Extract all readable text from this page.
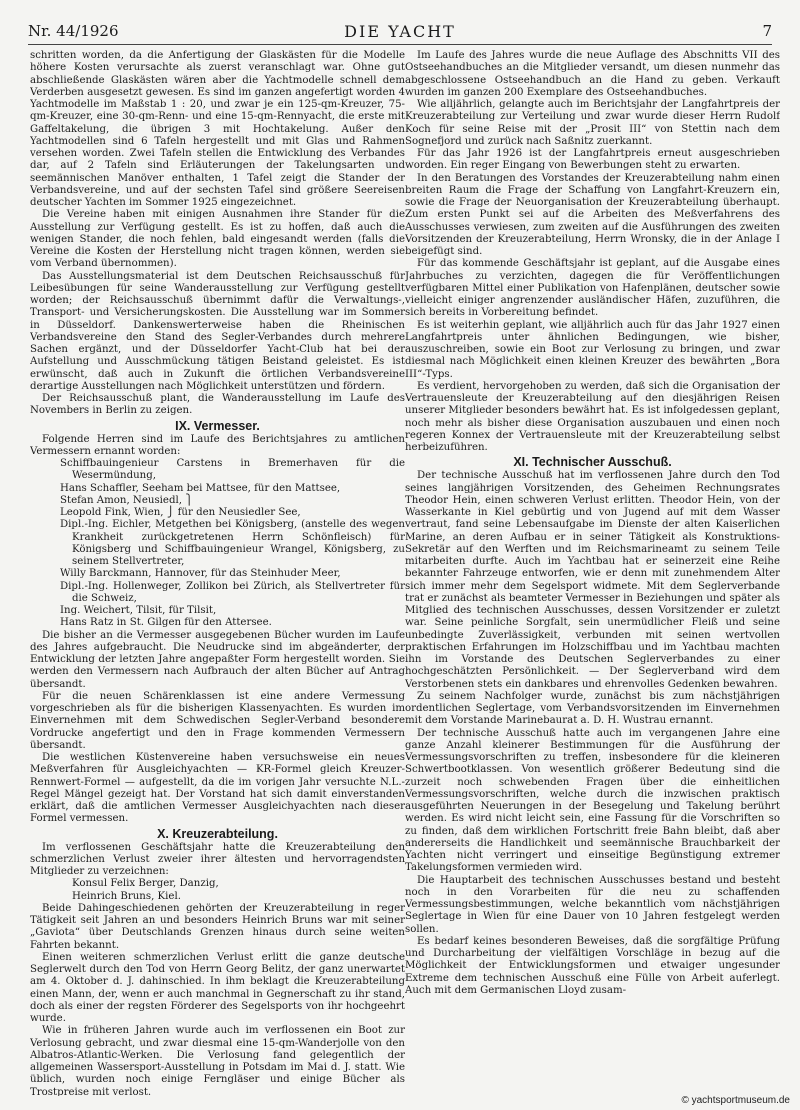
Nr. 44/1926	DIE YACHT	7

schritten worden, da die Anfertigung der Glaskästen für die Modelle höhere Kosten verursachte als zuerst veranschlagt war. Ohne gut abschließende Glaskästen wären aber die Yachtmodelle schnell dem Verderben ausgesetzt gewesen. Es sind im ganzen angefertigt worden 4 Yachtmodelle im Maßstab 1 : 20, und zwar je ein 125-qm-Kreuzer, 75-qm-Kreuzer, eine 30-qm-Renn- und eine 15-qm-Rennyacht, die erste mit Gaffeltakelung, die übrigen 3 mit Hochtakelung. Außer den Yachtmodellen sind 6 Tafeln hergestellt und mit Glas und Rahmen versehen worden. Zwei Tafeln stellen die Entwicklung des Verbandes dar, auf 2 Tafeln sind Erläuterungen der Takelungsarten und seemännischen Manöver enthalten, 1 Tafel zeigt die Stander der Verbandsvereine, und auf der sechsten Tafel sind größere Seereisen deutscher Yachten im Sommer 1925 eingezeichnet.

Die Vereine haben mit einigen Ausnahmen ihre Stander für die Ausstellung zur Verfügung gestellt. Es ist zu hoffen, daß auch die wenigen Stander, die noch fehlen, bald eingesandt werden (falls die Vereine die Kosten der Herstellung nicht tragen können, werden sie vom Verband übernommen).

Das Ausstellungsmaterial ist dem Deutschen Reichsausschuß für Leibesübungen für seine Wanderausstellung zur Verfügung gestellt worden; der Reichsausschuß übernimmt dafür die Verwaltungs-, Transport- und Versicherungskosten. Die Ausstellung war im Sommer in Düsseldorf. Dankenswerterweise haben die Rheinischen Verbandsvereine den Stand des Segler-Verbandes durch mehrere Sachen ergänzt, und der Düsseldorfer Yacht-Club hat bei der Aufstellung und Ausschmückung tätigen Beistand geleistet. Es ist erwünscht, daß auch in Zukunft die örtlichen Verbandsvereine derartige Ausstellungen nach Möglichkeit unterstützen und fördern.

Der Reichsausschuß plant, die Wanderausstellung im Laufe des Novembers in Berlin zu zeigen.

IX. Vermesser.

Folgende Herren sind im Laufe des Berichtsjahres zu amtlichen Vermessern ernannt worden:

Schiffbauingenieur Carstens in Bremerhaven für die Wesermündung,

Hans Schaffler, Seeham bei Mattsee, für den Mattsee,

Stefan Amon, Neusiedl, ⎫

Leopold Fink, Wien, ⎭ für den Neusiedler See,

Dipl.-Ing. Eichler, Metgethen bei Königsberg, (anstelle des wegen Krankheit zurückgetretenen Herrn Schönfleisch) für Königsberg und Schiffbauingenieur Wrangel, Königsberg, zu seinem Stellvertreter,

Willy Barckmann, Hannover, für das Steinhuder Meer,

Dipl.-Ing. Hollenweger, Zollikon bei Zürich, als Stellvertreter für die Schweiz,

Ing. Weichert, Tilsit, für Tilsit,

Hans Ratz in St. Gilgen für den Attersee.

Die bisher an die Vermesser ausgegebenen Bücher wurden im Laufe des Jahres aufgebraucht. Die Neudrucke sind im abgeänderter, der Entwicklung der letzten Jahre angepaßter Form hergestellt worden. Sie werden den Vermessern nach Aufbrauch der alten Bücher auf Antrag übersandt.

Für die neuen Schärenklassen ist eine andere Vermessung vorgeschrieben als für die bisherigen Klassenyachten. Es wurden im Einvernehmen mit dem Schwedischen Segler-Verband besondere Vordrucke angefertigt und den in Frage kommenden Vermessern übersandt.

Die westlichen Küstenvereine haben versuchsweise ein neues Meßverfahren für Ausgleichyachten — KR-Formel gleich Kreuzer-Rennwert-Formel — aufgestellt, da die im vorigen Jahr versuchte N.L.-Regel Mängel gezeigt hat. Der Vorstand hat sich damit einverstanden erklärt, daß die amtlichen Vermesser Ausgleichyachten nach dieser Formel vermessen.

X. Kreuzerabteilung.

Im verflossenen Geschäftsjahr hatte die Kreuzerabteilung den schmerzlichen Verlust zweier ihrer ältesten und hervorragendsten Mitglieder zu verzeichnen:

Konsul Felix Berger, Danzig,

Heinrich Bruns, Kiel.

Beide Dahingeschiedenen gehörten der Kreuzerabteilung in reger Tätigkeit seit Jahren an und besonders Heinrich Bruns war mit seiner „Gaviota“ über Deutschlands Grenzen hinaus durch seine weiten Fahrten bekannt.

Einen weiteren schmerzlichen Verlust erlitt die ganze deutsche Seglerwelt durch den Tod von Herrn Georg Belitz, der ganz unerwartet am 4. Oktober d. J. dahinschied. In ihm beklagt die Kreuzerabteilung einen Mann, der, wenn er auch manchmal in Gegnerschaft zu ihr stand, doch als einer der regsten Förderer des Segelsports von ihr hochgeehrt wurde.

Wie in früheren Jahren wurde auch im verflossenen ein Boot zur Verlosung gebracht, und zwar diesmal eine 15-qm-Wanderjolle von den Albatros-Atlantic-Werken. Die Verlosung fand gelegentlich der allgemeinen Wassersport-Ausstellung in Potsdam im Mai d. J. statt. Wie üblich, wurden noch einige Ferngläser und einige Bücher als Trostpreise mit verlost.

Im Laufe des Jahres wurde die neue Auflage des Abschnitts VII des Ostseehandbuches an die Mitglieder versandt, um diesen nunmehr das abgeschlossene Ostseehandbuch an die Hand zu geben. Verkauft wurden im ganzen 200 Exemplare des Ostseehandbuches.

Wie alljährlich, gelangte auch im Berichtsjahr der Langfahrtpreis der Kreuzerabteilung zur Verteilung und zwar wurde dieser Herrn Rudolf Koch für seine Reise mit der „Prosit III“ von Stettin nach dem Sognefjord und zurück nach Saßnitz zuerkannt.

Für das Jahr 1926 ist der Langfahrtpreis erneut ausgeschrieben worden. Ein reger Eingang von Bewerbungen steht zu erwarten.

In den Beratungen des Vorstandes der Kreuzerabteilung nahm einen breiten Raum die Frage der Schaffung von Langfahrt-Kreuzern ein, sowie die Frage der Neuorganisation der Kreuzerabteilung überhaupt. Zum ersten Punkt sei auf die Arbeiten des Meßverfahrens des Ausschusses verwiesen, zum zweiten auf die Ausführungen des zweiten Vorsitzenden der Kreuzerabteilung, Herrn Wronsky, die in der Anlage I beigefügt sind.

Für das kommende Geschäftsjahr ist geplant, auf die Ausgabe eines Jahrbuches zu verzichten, dagegen die für Veröffentlichungen verfügbaren Mittel einer Publikation von Hafenplänen, deutscher sowie vielleicht einiger angrenzender ausländischer Häfen, zuzuführen, die sich bereits in Vorbereitung befindet.

Es ist weiterhin geplant, wie alljährlich auch für das Jahr 1927 einen Langfahrtpreis unter ähnlichen Bedingungen, wie bisher, auszuschreiben, sowie ein Boot zur Verlosung zu bringen, und zwar diesmal nach Möglichkeit einen kleinen Kreuzer des bewährten „Bora III“-Typs.

Es verdient, hervorgehoben zu werden, daß sich die Organisation der Vertrauensleute der Kreuzerabteilung auf den diesjährigen Reisen unserer Mitglieder besonders bewährt hat. Es ist infolgedessen geplant, noch mehr als bisher diese Organisation auszubauen und einen noch regeren Konnex der Vertrauensleute mit der Kreuzerabteilung selbst herbeizuführen.

XI. Technischer Ausschuß.

Der technische Ausschuß hat im verflossenen Jahre durch den Tod seines langjährigen Vorsitzenden, des Geheimen Rechnungsrates Theodor Hein, einen schweren Verlust erlitten. Theodor Hein, von der Wasserkante in Kiel gebürtig und von Jugend auf mit dem Wasser vertraut, fand seine Lebensaufgabe im Dienste der alten Kaiserlichen Marine, an deren Aufbau er in seiner Tätigkeit als Konstruktions-Sekretär auf den Werften und im Reichsmarineamt zu seinem Teile mitarbeiten durfte. Auch im Yachtbau hat er seinerzeit eine Reihe bekannter Fahrzeuge entworfen, wie er denn mit zunehmendem Alter sich immer mehr dem Segelsport widmete. Mit dem Seglerverbande trat er zunächst als beamteter Vermesser in Beziehungen und später als Mitglied des technischen Ausschusses, dessen Vorsitzender er zuletzt war. Seine peinliche Sorgfalt, sein unermüdlicher Fleiß und seine unbedingte Zuverlässigkeit, verbunden mit seinen wertvollen praktischen Erfahrungen im Holzschiffbau und im Yachtbau machten ihn im Vorstande des Deutschen Seglerverbandes zu einer hochgeschätzten Persönlichkeit. — Der Seglerverband wird dem Verstorbenen stets ein dankbares und ehrenvolles Gedenken bewahren.

Zu seinem Nachfolger wurde, zunächst bis zum nächstjährigen ordentlichen Seglertage, vom Verbandsvorsitzenden im Einvernehmen mit dem Vorstande Marinebaurat a. D. H. Wustrau ernannt.

Der technische Ausschuß hatte auch im vergangenen Jahre eine ganze Anzahl kleinerer Bestimmungen für die Ausführung der Vermessungsvorschriften zu treffen, insbesondere für die kleineren Schwertbootklassen. Von wesentlich größerer Bedeutung sind die zurzeit noch schwebenden Fragen über die einheitlichen Vermessungsvorschriften, welche durch die inzwischen praktisch ausgeführten Neuerungen in der Besegelung und Takelung berührt werden. Es wird nicht leicht sein, eine Fassung für die Vorschriften so zu finden, daß dem wirklichen Fortschritt freie Bahn bleibt, daß aber andererseits die Handlichkeit und seemännische Brauchbarkeit der Yachten nicht verringert und einseitige Begünstigung extremer Takelungsformen vermieden wird.

Die Hauptarbeit des technischen Ausschusses bestand und besteht noch in den Vorarbeiten für die neu zu schaffenden Vermessungsbestimmungen, welche bekanntlich vom nächstjährigen Seglertage in Wien für eine Dauer von 10 Jahren festgelegt werden sollen.

Es bedarf keines besonderen Beweises, daß die sorgfältige Prüfung und Durcharbeitung der vielfältigen Vorschläge in bezug auf die Möglichkeit der Entwicklungsformen und etwaiger ungesunder Extreme dem technischen Ausschuß eine Fülle von Arbeit auferlegt. Auch mit dem Germanischen Lloyd zusam-

© yachtsportmuseum.de
